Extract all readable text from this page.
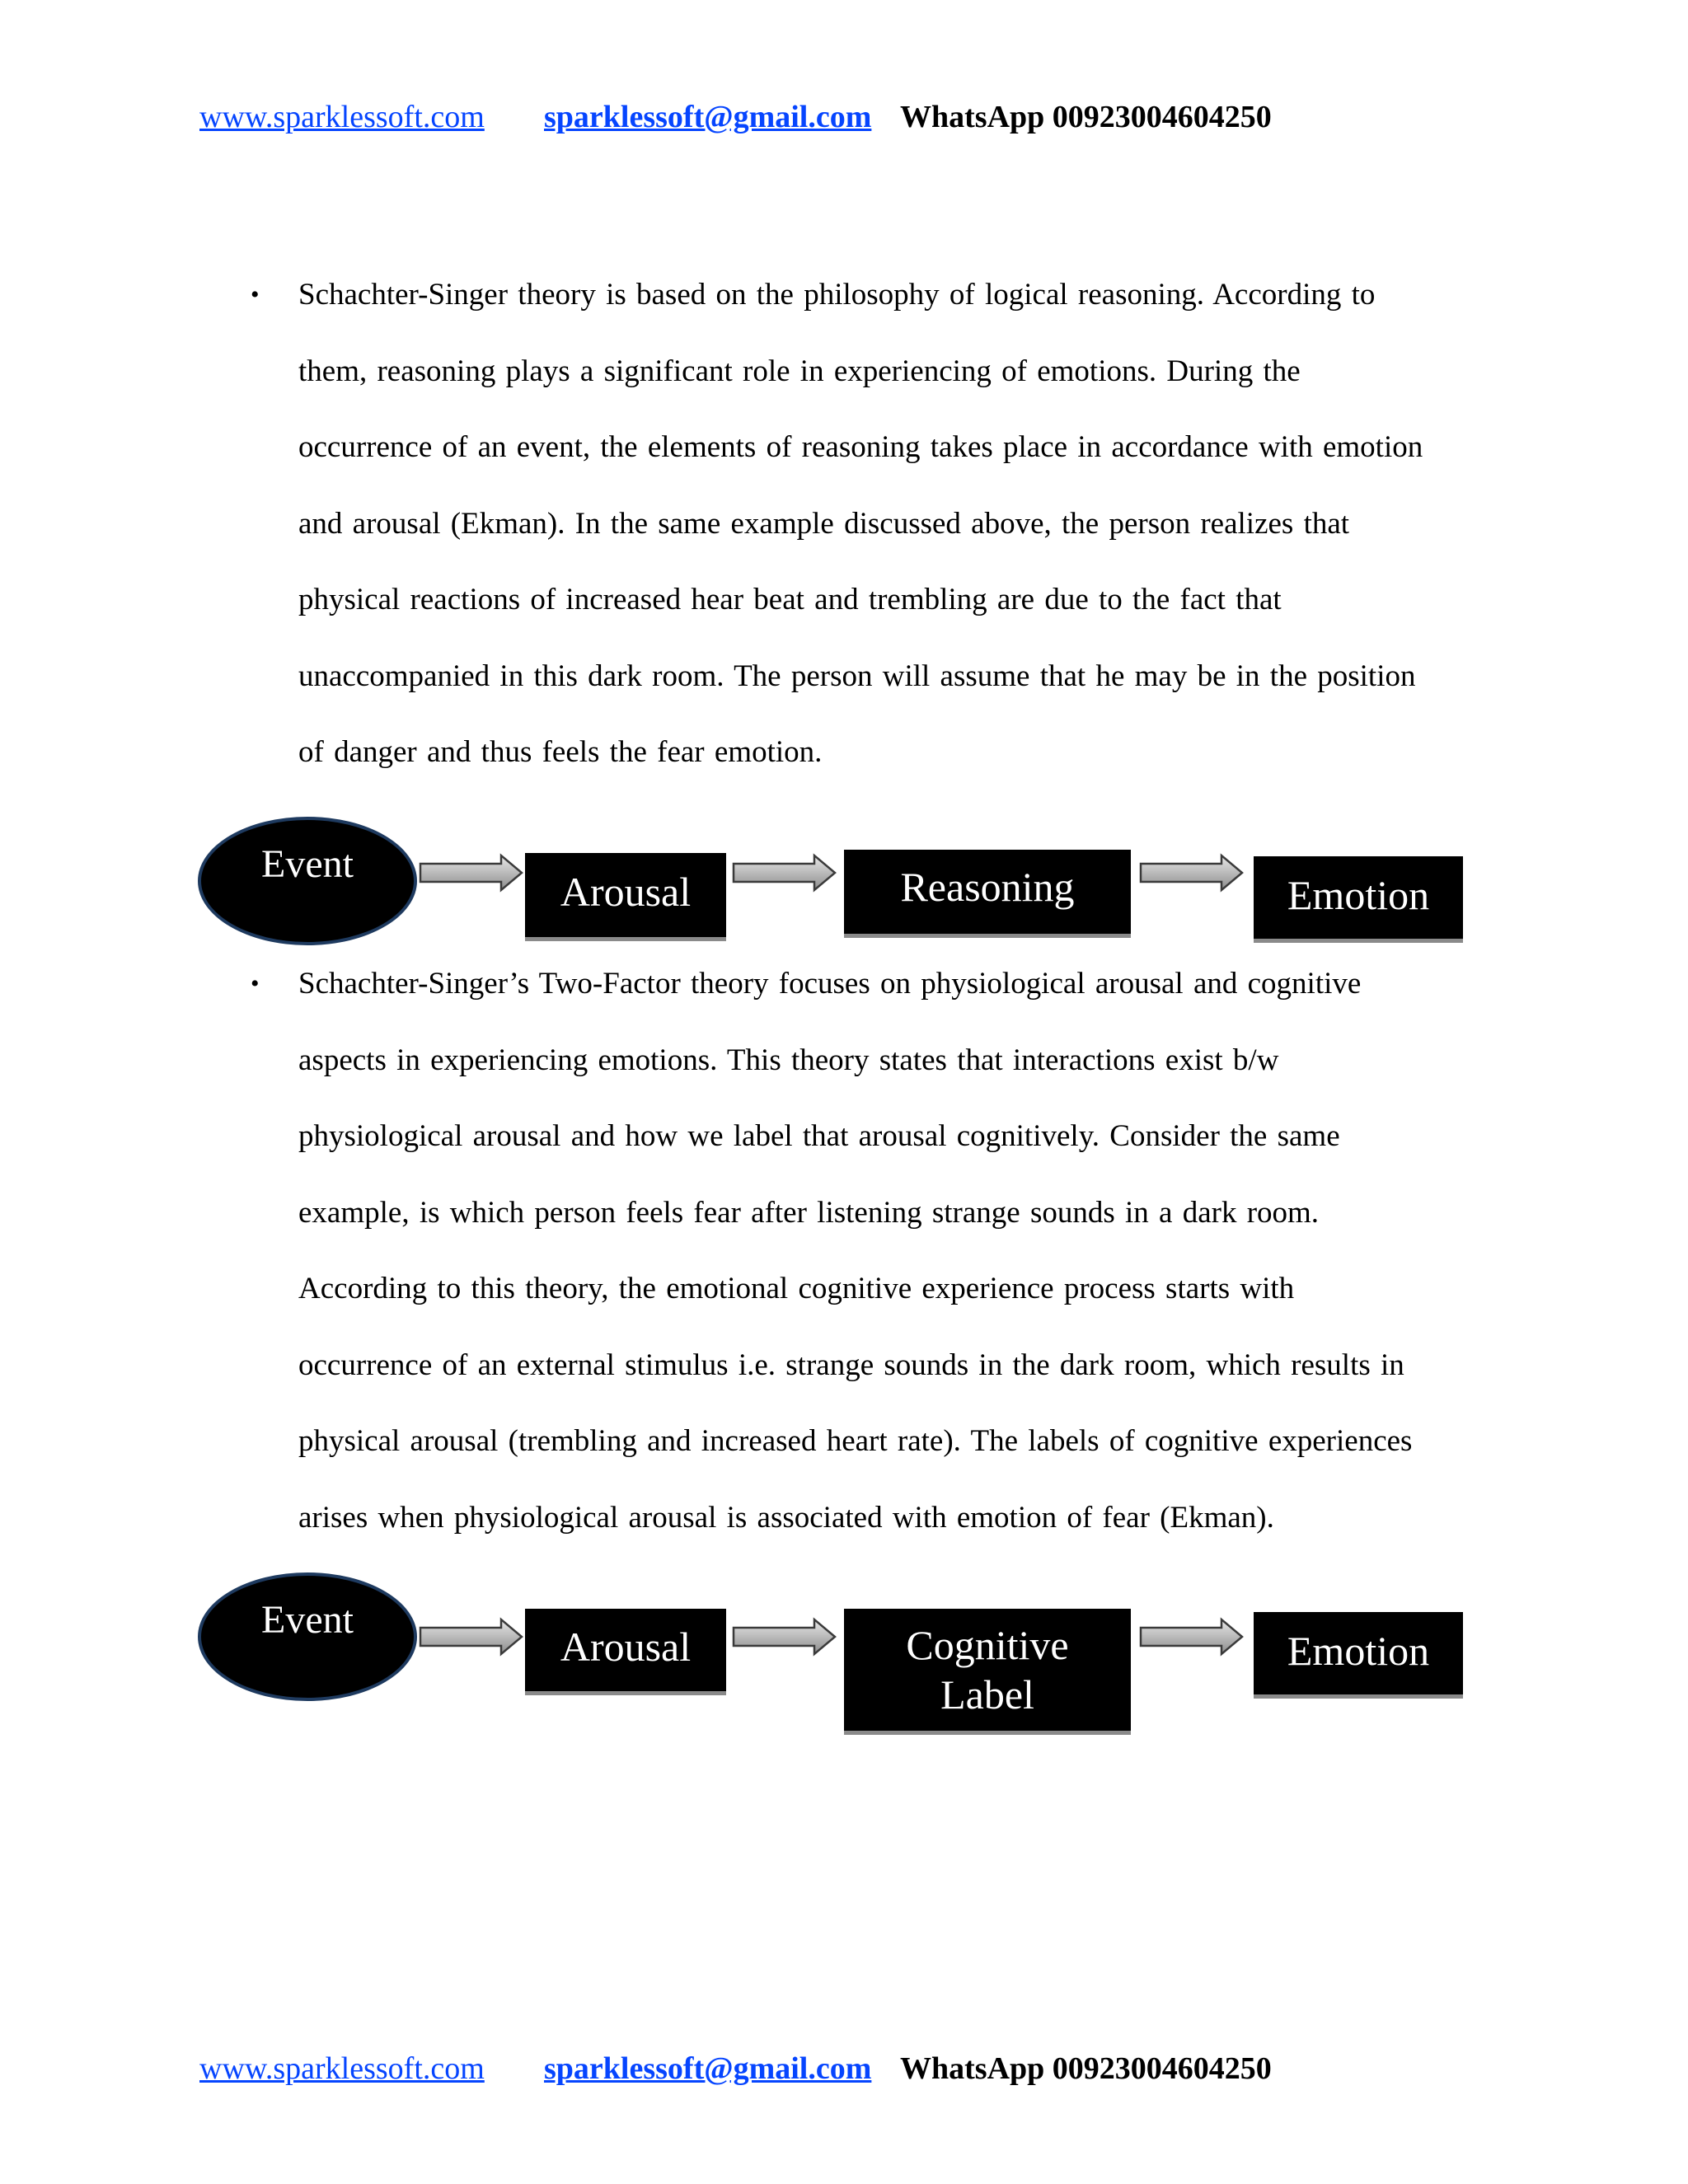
www.sparklessoft.com sparklessoft@gmail.com WhatsApp 00923004604250
• Schachter-Singer theory is based on the philosophy of logical reasoning. According to
them, reasoning plays a significant role in experiencing of emotions. During the
occurrence of an event, the elements of reasoning takes place in accordance with emotion
and arousal (Ekman). In the same example discussed above, the person realizes that
physical reactions of increased hear beat and trembling are due to the fact that
unaccompanied in this dark room. The person will assume that he may be in the position
of danger and thus feels the fear emotion.
Event
Arousal	Reasoning	Emotion
• Schachter-Singer’s Two-Factor theory focuses on physiological arousal and cognitive
aspects in experiencing emotions. This theory states that interactions exist b/w
physiological arousal and how we label that arousal cognitively. Consider the same
example, is which person feels fear after listening strange sounds in a dark room.
According to this theory, the emotional cognitive experience process starts with
occurrence of an external stimulus i.e. strange sounds in the dark room, which results in
physical arousal (trembling and increased heart rate). The labels of cognitive experiences
arises when physiological arousal is associated with emotion of fear (Ekman).
Event
Arousal	Cognitive
Label
Emotion
www.sparklessoft.com sparklessoft@gmail.com WhatsApp 00923004604250
